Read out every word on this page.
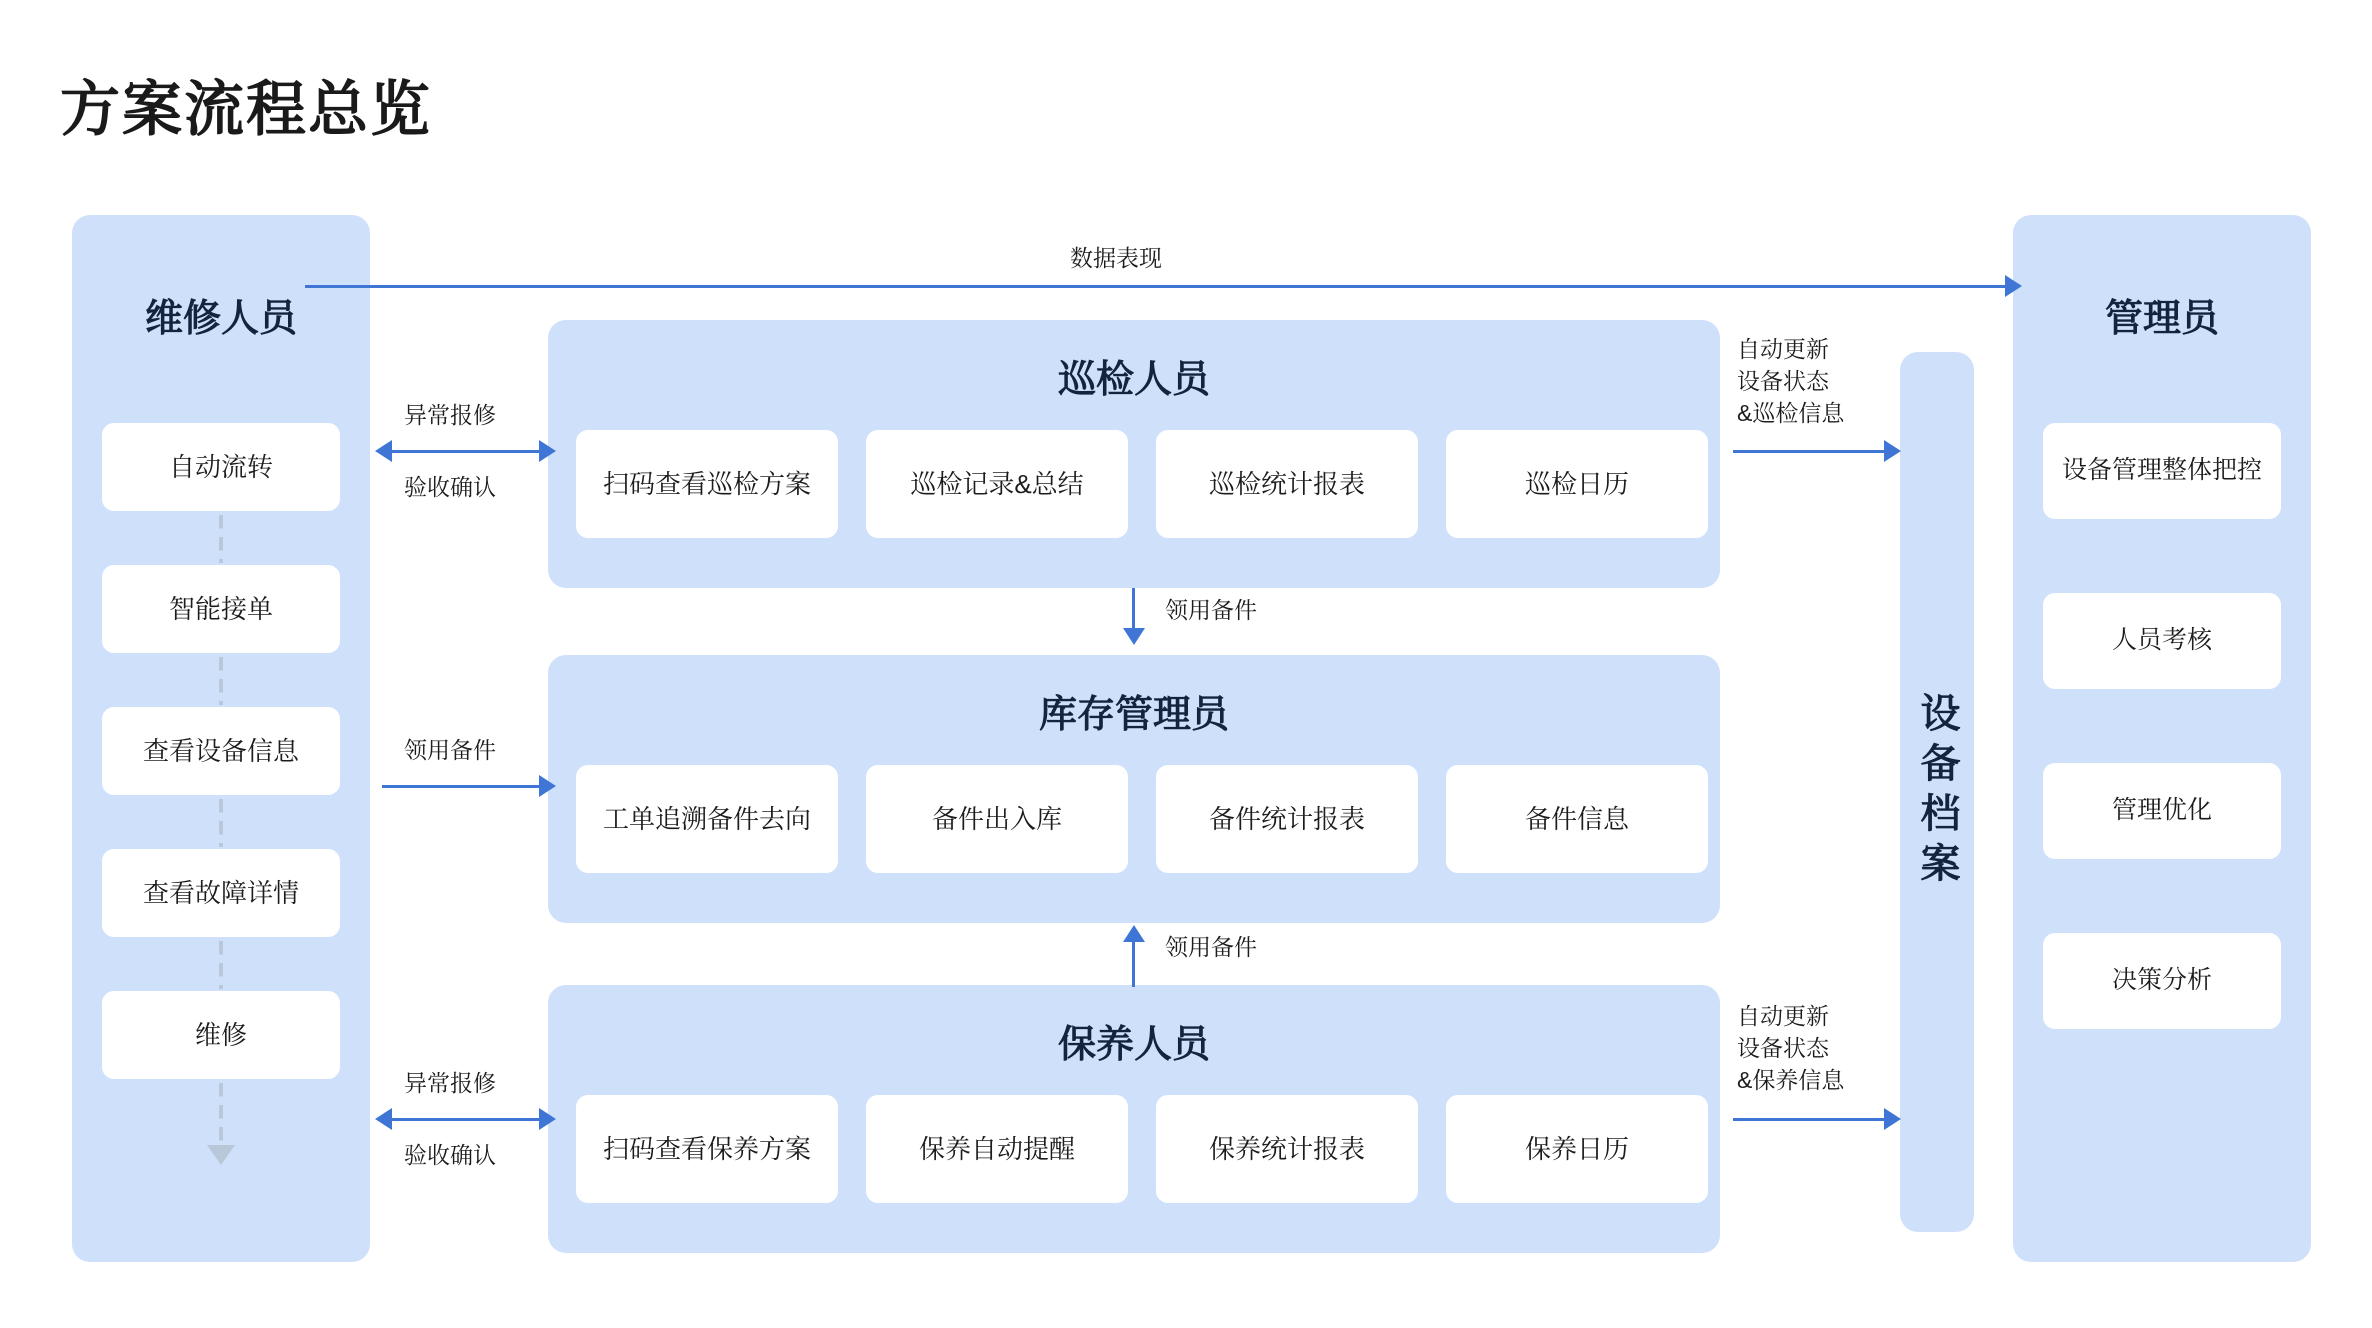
方案流程总览
维修人员
自动流转
智能接单
查看设备信息
查看故障详情
维修
巡检人员
扫码查看巡检方案	巡检记录&总结	巡检统计报表	巡检日历
库存管理员
工单追溯备件去向	备件出入库	备件统计报表	备件信息
保养人员
扫码查看保养方案	保养自动提醒	保养统计报表	保养日历
设备档案
管理员
设备管理整体把控
人员考核
管理优化
决策分析
数据表现
异常报修
验收确认
领用备件
异常报修
验收确认
领用备件
领用备件
自动更新
设备状态
&巡检信息
自动更新
设备状态
&保养信息
